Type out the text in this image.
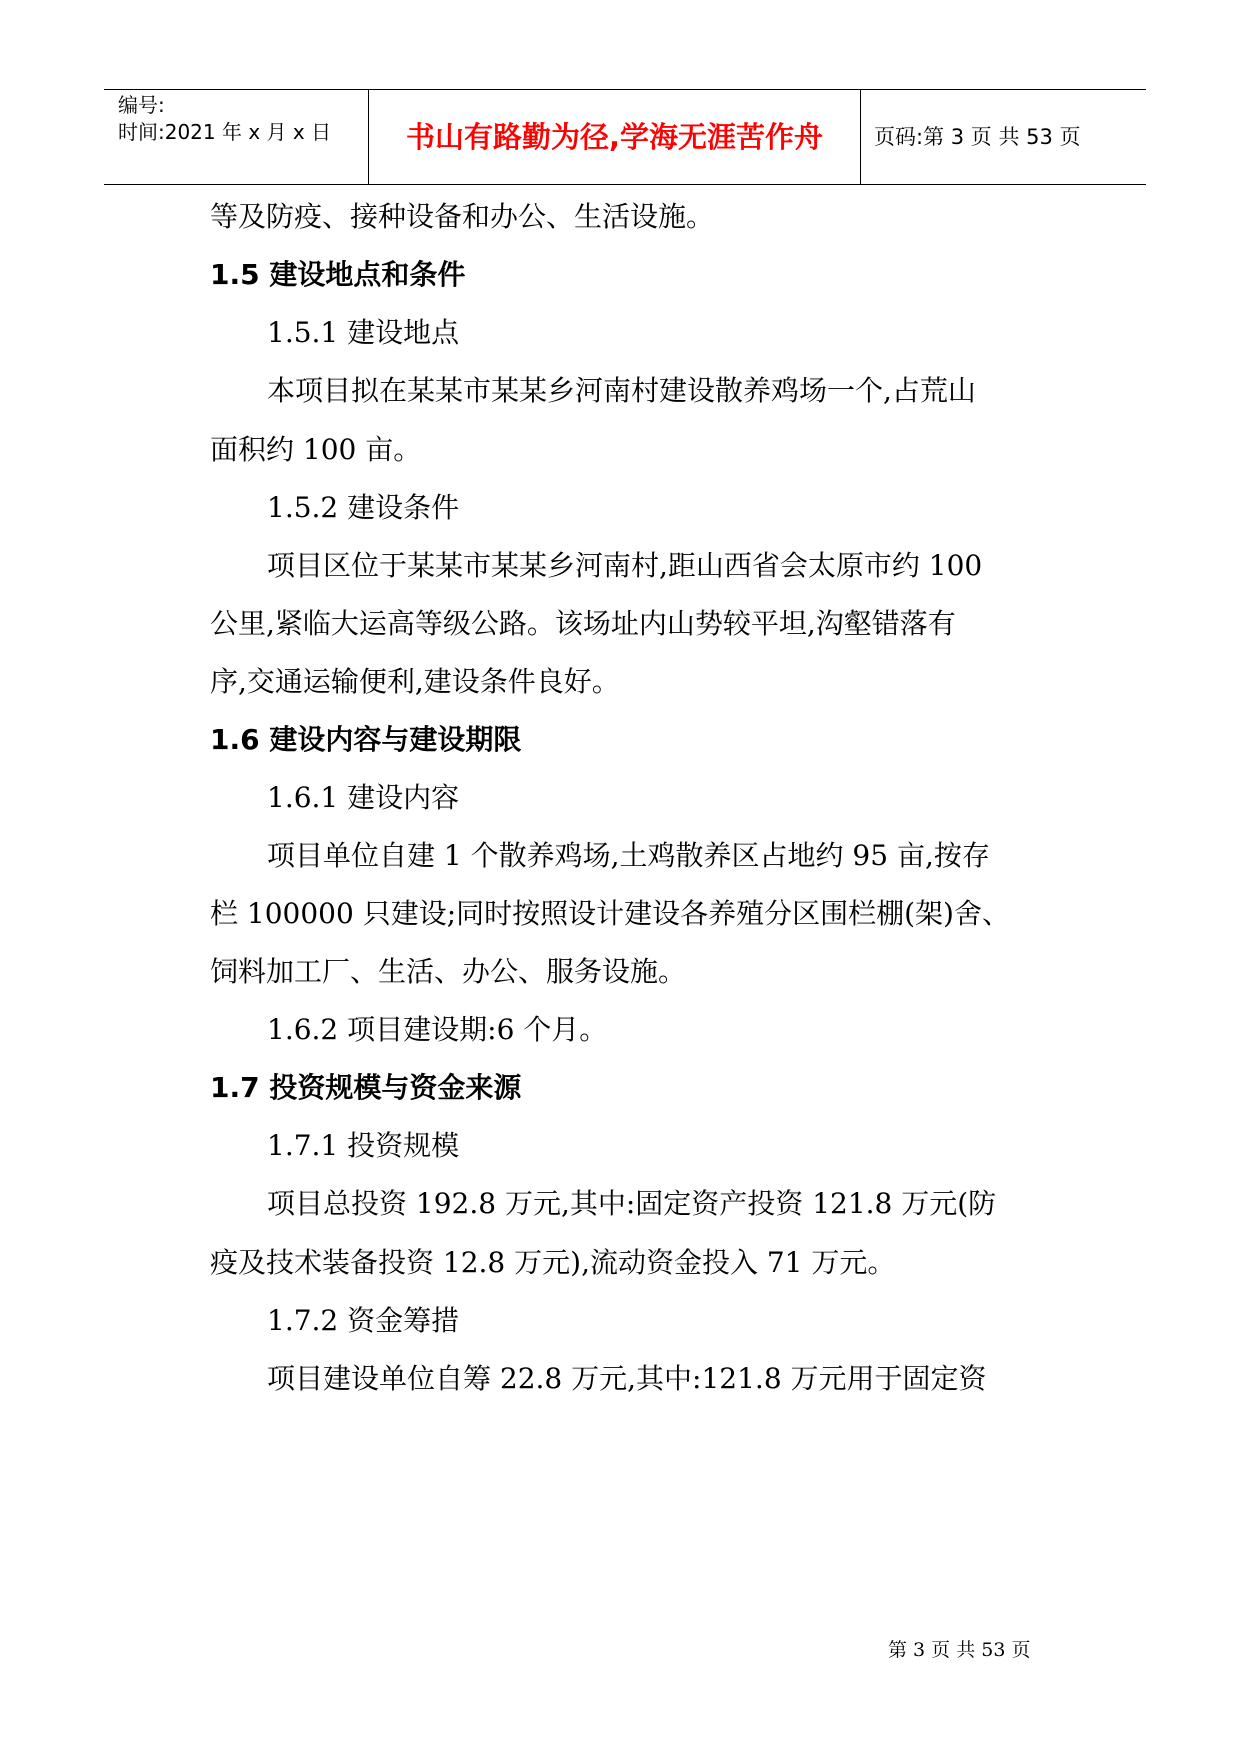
编号:
时间:2021 年 x 月 x 日	书山有路勤为径,学海无涯苦作舟	页码:第 3 页 共 53 页
等及防疫、接种设备和办公、生活设施。
1.5 建设地点和条件
1.5.1 建设地点
本项目拟在某某市某某乡河南村建设散养鸡场一个,占荒山
面积约 100 亩。
1.5.2 建设条件
项目区位于某某市某某乡河南村,距山西省会太原市约 100
公里,紧临大运高等级公路。该场址内山势较平坦,沟壑错落有
序,交通运输便利,建设条件良好。
1.6 建设内容与建设期限
1.6.1 建设内容
项目单位自建 1 个散养鸡场,土鸡散养区占地约 95 亩,按存
栏 100000 只建设;同时按照设计建设各养殖分区围栏棚(架)舍、
饲料加工厂、生活、办公、服务设施。
1.6.2 项目建设期:6 个月。
1.7 投资规模与资金来源
1.7.1 投资规模
项目总投资 192.8 万元,其中:固定资产投资 121.8 万元(防
疫及技术装备投资 12.8 万元),流动资金投入 71 万元。
1.7.2 资金筹措
项目建设单位自筹 22.8 万元,其中:121.8 万元用于固定资
第 3 页 共 53 页
